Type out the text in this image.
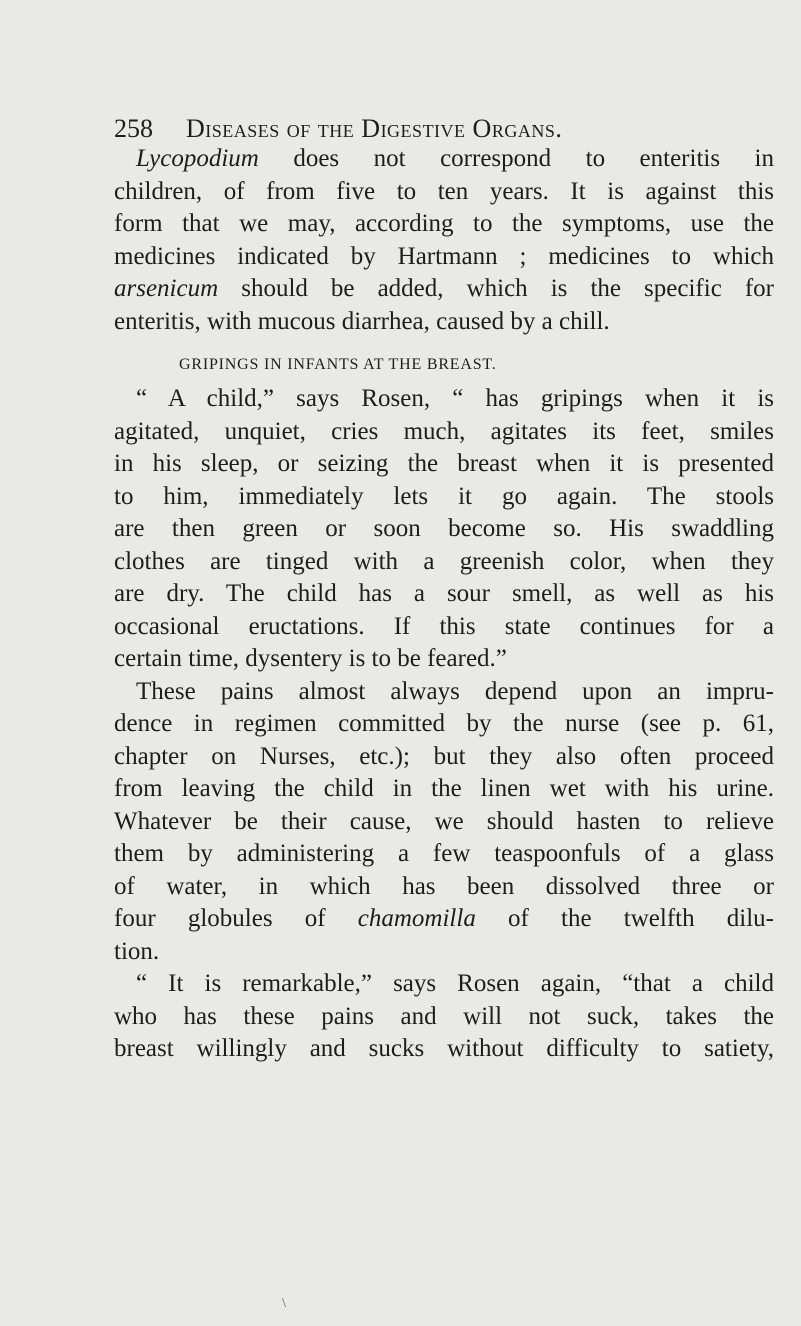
258 Diseases of the Digestive Organs.
Lycopodium does not correspond to enteritis in
children, of from five to ten years. It is against this
form that we may, according to the symptoms, use the
medicines indicated by Hartmann ; medicines to which
arsenicum should be added, which is the specific for
enteritis, with mucous diarrhea, caused by a chill.
GRIPINGS IN INFANTS AT THE BREAST.
“ A child,” says Rosen, “ has gripings when it is
agitated, unquiet, cries much, agitates its feet, smiles
in his sleep, or seizing the breast when it is presented
to him, immediately lets it go again. The stools
are then green or soon become so. His swaddling
clothes are tinged with a greenish color, when they
are dry. The child has a sour smell, as well as his
occasional eructations. If this state continues for a
certain time, dysentery is to be feared.”
These pains almost always depend upon an impru-
dence in regimen committed by the nurse (see p. 61,
chapter on Nurses, etc.); but they also often proceed
from leaving the child in the linen wet with his urine.
Whatever be their cause, we should hasten to relieve
them by administering a few teaspoonfuls of a glass
of water, in which has been dissolved three or
four globules of chamomilla of the twelfth dilu-
tion.
“ It is remarkable,” says Rosen again, “that a child
who has these pains and will not suck, takes the
breast willingly and sucks without difficulty to satiety,
\
